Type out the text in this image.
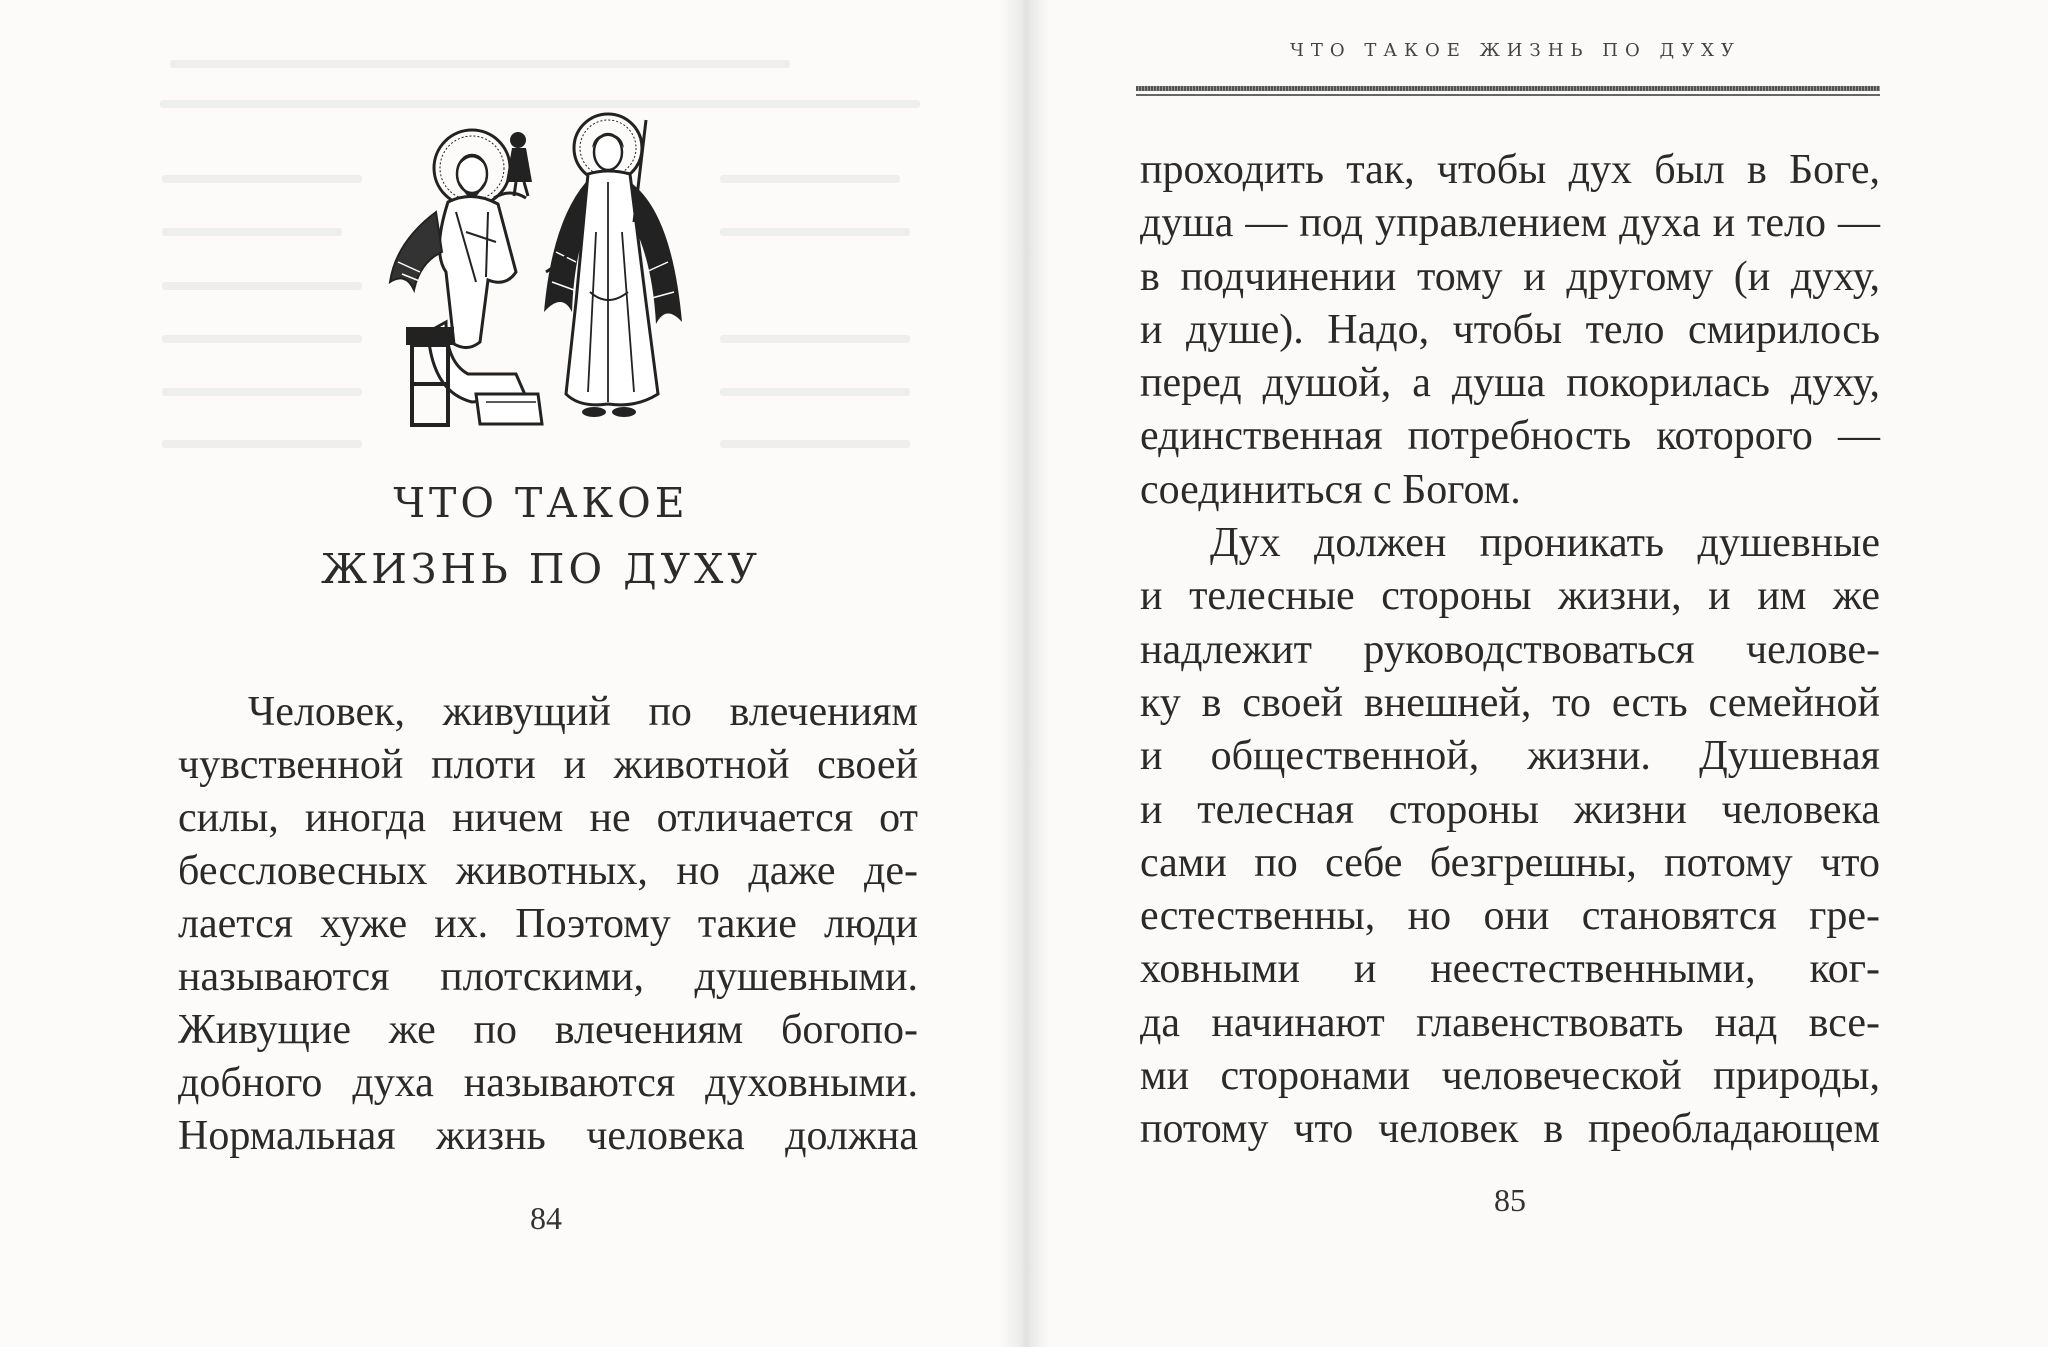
ЧТО ТАКОЕ
ЖИЗНЬ ПО ДУХУ
Человек, живущий по влечениям
чувственной плоти и животной своей
силы, иногда ничем не отличается от
бессловесных животных, но даже де-
лается хуже их. Поэтому такие люди
называются плотскими, душевными.
Живущие же по влечениям богопо-
добного духа называются духовными.
Нормальная жизнь человека должна
84
ЧТО ТАКОЕ ЖИЗНЬ ПО ДУХУ
проходить так, чтобы дух был в Боге,
душа — под управлением духа и тело —
в подчинении тому и другому (и духу,
и душе). Надо, чтобы тело смирилось
перед душой, а душа покорилась духу,
единственная потребность которого —
соединиться с Богом.
Дух должен проникать душевные
и телесные стороны жизни, и им же
надлежит руководствоваться челове-
ку в своей внешней, то есть семейной
и общественной, жизни. Душевная
и телесная стороны жизни человека
сами по себе безгрешны, потому что
естественны, но они становятся гре-
ховными и неестественными, ког-
да начинают главенствовать над все-
ми сторонами человеческой природы,
потому что человек в преобладающем
85
